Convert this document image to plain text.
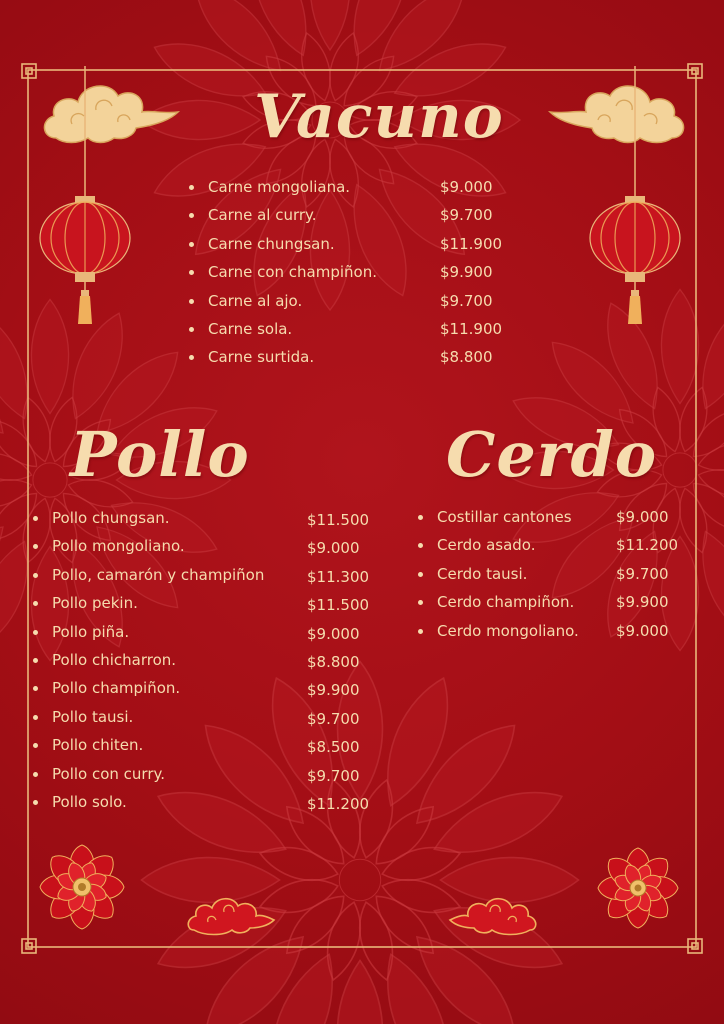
Vacuno
Pollo	Cerdo
Carne mongoliana.	$9.000
Carne al curry.	$9.700
Carne chungsan.	$11.900
Carne con champiñon.	$9.900
Carne al ajo.	$9.700
Carne sola.	$11.900
Carne surtida.	$8.800
Pollo chungsan.	$11.500
Pollo mongoliano.	$9.000
Pollo, camarón y champiñon	$11.300
Pollo pekin.	$11.500
Pollo piña.	$9.000
Pollo chicharron.	$8.800
Pollo champiñon.	$9.900
Pollo tausi.	$9.700
Pollo chiten.	$8.500
Pollo con curry.	$9.700
Pollo solo.	$11.200
Costillar cantones	$9.000
Cerdo asado.	$11.200
Cerdo tausi.	$9.700
Cerdo champiñon.	$9.900
Cerdo mongoliano. $9.000
